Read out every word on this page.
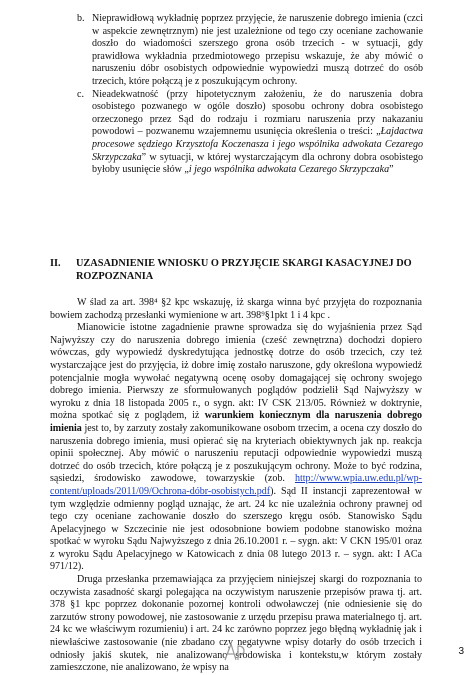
b. Nieprawidłową wykładnię poprzez przyjęcie, że naruszenie dobrego imienia (czci w aspekcie zewnętrznym) nie jest uzależnione od tego czy oceniane zachowanie doszło do wiadomości szerszego grona osób trzecich - w sytuacji, gdy prawidłowa wykładnia przedmiotowego przepisu wskazuje, że aby mówić o naruszeniu dóbr osobistych odpowiednie wypowiedzi muszą dotrzeć do osób trzecich, które połączą je z poszukującym ochrony.

c. Nieadekwatność (przy hipotetycznym założeniu, że do naruszenia dobra osobistego pozwanego w ogóle doszło) sposobu ochrony dobra osobistego orzeczonego przez Sąd do rodzaju i rozmiaru naruszenia przy nakazaniu powodowi – pozwanemu wzajemnemu usunięcia określenia o treści: „Łajdactwa procesowe sędziego Krzysztofa Koczenasza i jego wspólnika adwokata Cezarego Skrzypczaka” w sytuacji, w której wystarczającym dla ochrony dobra osobistego byłoby usunięcie słów „i jego wspólnika adwokata Cezarego Skrzypczaka”

II. UZASADNIENIE WNIOSKU O PRZYJĘCIE SKARGI KASACYJNEJ DO ROZPOZNANIA

W ślad za art. 398⁴ §2 kpc wskazuję, iż skarga winna być przyjęta do rozpoznania bowiem zachodzą przesłanki wymienione w art. 398⁹§1pkt 1 i 4 kpc .

Mianowicie istotne zagadnienie prawne sprowadza się do wyjaśnienia przez Sąd Najwyższy czy do naruszenia dobrego imienia (cześć zewnętrzna) dochodzi dopiero wówczas, gdy wypowiedź dyskredytująca jednostkę dotrze do osób trzecich, czy też wystarczające jest do przyjęcia, iż dobre imię zostało naruszone, gdy określona wypowiedź potencjalnie mogła wywołać negatywną ocenę osoby domagającej się ochrony swojego dobrego imienia. Pierwszy ze sformułowanych poglądów podzielił Sąd Najwyższy w wyroku z dnia 18 listopada 2005 r., o sygn. akt: IV CSK 213/05. Również w doktrynie, można spotkać się z poglądem, iż warunkiem koniecznym dla naruszenia dobrego imienia jest to, by zarzuty zostały zakomunikowane osobom trzecim, a ocena czy doszło do naruszenia dobrego imienia, musi opierać się na kryteriach obiektywnych jak np. reakcja opinii społecznej. Aby mówić o naruszeniu reputacji odpowiednie wypowiedzi muszą dotrzeć do osób trzecich, które połączą je z poszukującym ochrony. Może to być rodzina, sąsiedzi, środowisko zawodowe, towarzyskie (zob. http://www.wpia.uw.edu.pl/wp-content/uploads/2011/09/Ochrona-dóbr-osobistych.pdf). Sąd II instancji zaprezentował w tym względzie odmienny pogląd uznając, że art. 24 kc nie uzależnia ochrony prawnej od tego czy oceniane zachowanie doszło do szerszego kręgu osób. Stanowisko Sądu Apelacyjnego w Szczecinie nie jest odosobnione bowiem podobne stanowisko można spotkać w wyroku Sądu Najwyższego z dnia 26.10.2001 r. – sygn. akt: V CKN 195/01 oraz z wyroku Sądu Apelacyjnego w Katowicach z dnia 08 lutego 2013 r. – sygn. akt: I ACa 971/12).

Druga przesłanka przemawiająca za przyjęciem niniejszej skargi do rozpoznania to oczywista zasadność skargi polegająca na oczywistym naruszenie przepisów prawa tj. art. 378 §1 kpc poprzez dokonanie pozornej kontroli odwoławczej (nie odniesienie się do zarzutów strony powodowej, nie zastosowanie z urzędu przepisu prawa materialnego tj. art. 24 kc we właściwym rozumieniu) i art. 24 kc zarówno poprzez jego błędną wykładnię jak i niewłaściwe zastosowanie (nie zbadano czy negatywne wpisy dotarły do osób trzecich i odniosły jakiś skutek, nie analizowano środowiska i kontekstu,w którym zostały zamieszczone, nie analizowano, że wpisy na

3
